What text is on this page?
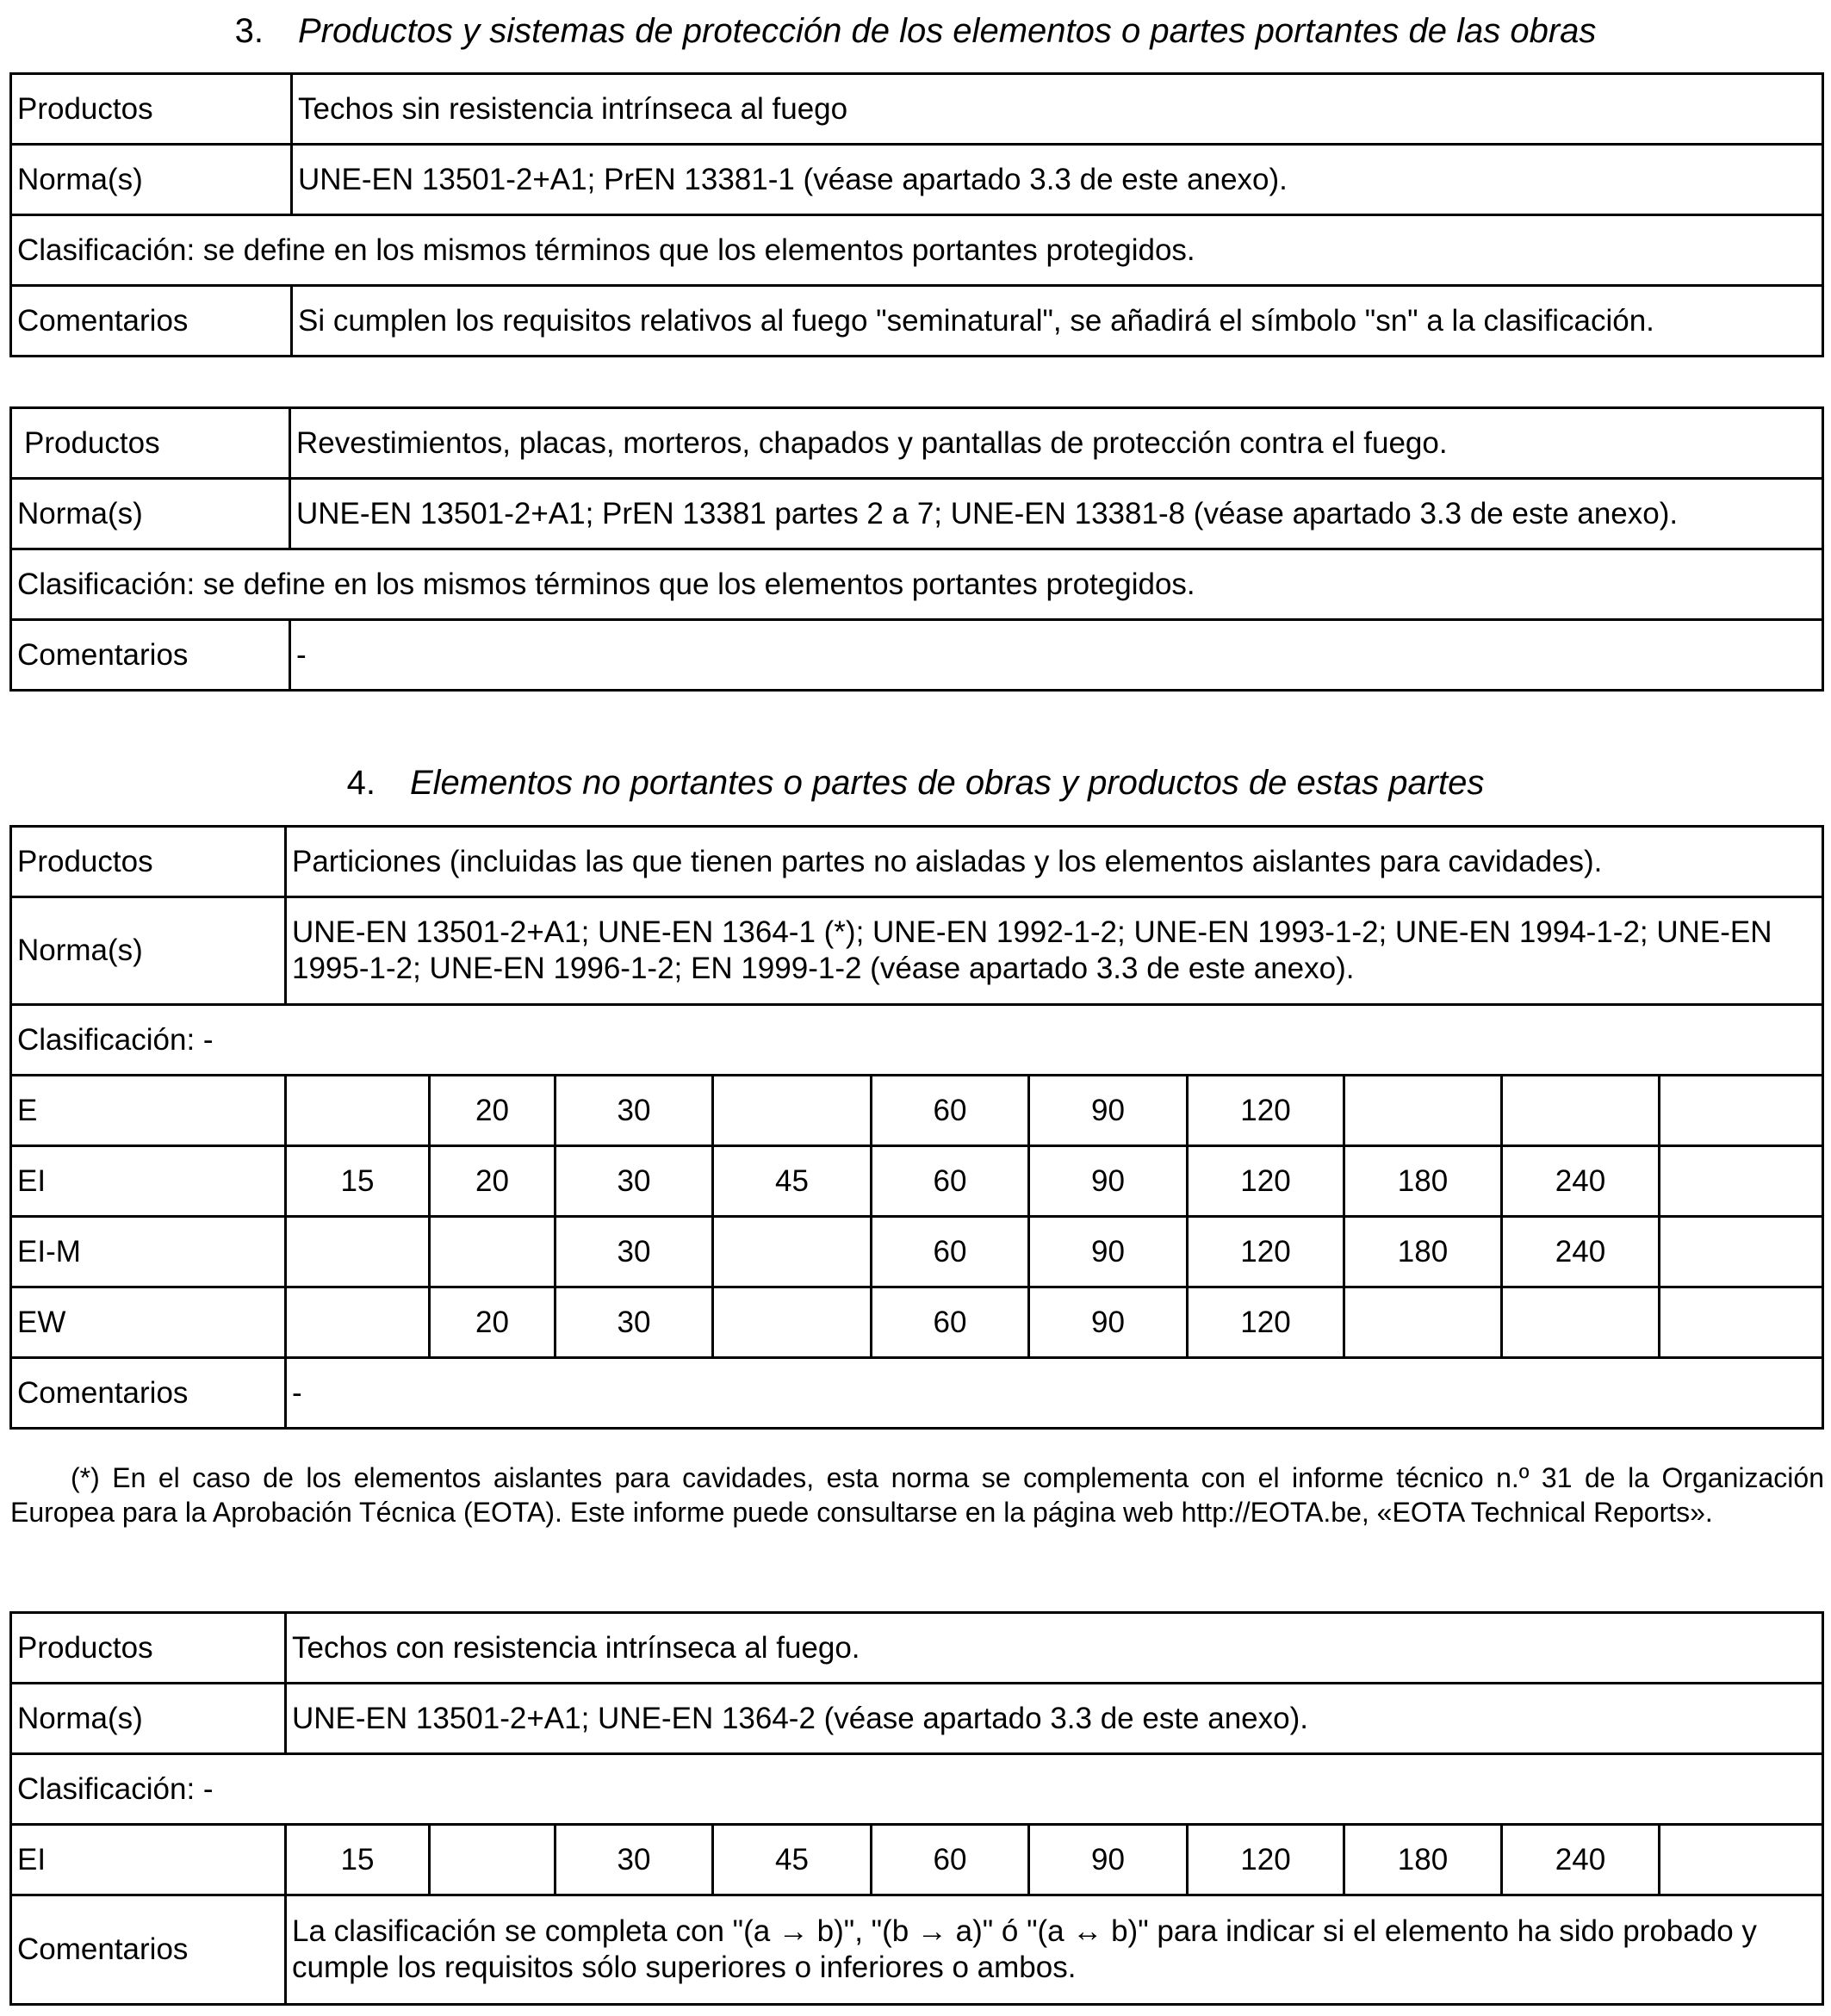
3. Productos y sistemas de protección de los elementos o partes portantes de las obras
Productos	Techos sin resistencia intrínseca al fuego
Norma(s)	UNE-EN 13501-2+A1; PrEN 13381-1 (véase apartado 3.3 de este anexo).
Clasificación: se define en los mismos términos que los elementos portantes protegidos.	
Comentarios	Si cumplen los requisitos relativos al fuego "seminatural", se añadirá el símbolo "sn" a la clasificación.
Productos	Revestimientos, placas, morteros, chapados y pantallas de protección contra el fuego.
Norma(s)	UNE-EN 13501-2+A1; PrEN 13381 partes 2 a 7; UNE-EN 13381-8 (véase apartado 3.3 de este anexo).
Clasificación: se define en los mismos términos que los elementos portantes protegidos.	
Comentarios	-
4. Elementos no portantes o partes de obras y productos de estas partes
Productos	Particiones (incluidas las que tienen partes no aisladas y los elementos aislantes para cavidades).									
Norma(s)	UNE-EN 13501-2+A1; UNE-EN 1364-1 (*); UNE-EN 1992-1-2; UNE-EN 1993-1-2; UNE-EN 1994-1-2; UNE-EN 1995-1-2; UNE-EN 1996-1-2; EN 1999-1-2 (véase apartado 3.3 de este anexo).									
Clasificación: -										
E		20	30		60	90	120			
EI	15	20	30	45	60	90	120	180	240	
EI-M			30		60	90	120	180	240	
EW		20	30		60	90	120			
Comentarios	-									
(*) En el caso de los elementos aislantes para cavidades, esta norma se complementa con el informe técnico n.º 31 de la Organización
Europea para la Aprobación Técnica (EOTA). Este informe puede consultarse en la página web http://EOTA.be, «EOTA Technical Reports».
Productos	Techos con resistencia intrínseca al fuego.									
Norma(s)	UNE-EN 13501-2+A1; UNE-EN 1364-2 (véase apartado 3.3 de este anexo).									
Clasificación: -										
EI	15		30	45	60	90	120	180	240	
Comentarios	La clasificación se completa con "(a → b)", "(b → a)" ó "(a ↔ b)" para indicar si el elemento ha sido probado y cumple los requisitos sólo superiores o inferiores o ambos.									
